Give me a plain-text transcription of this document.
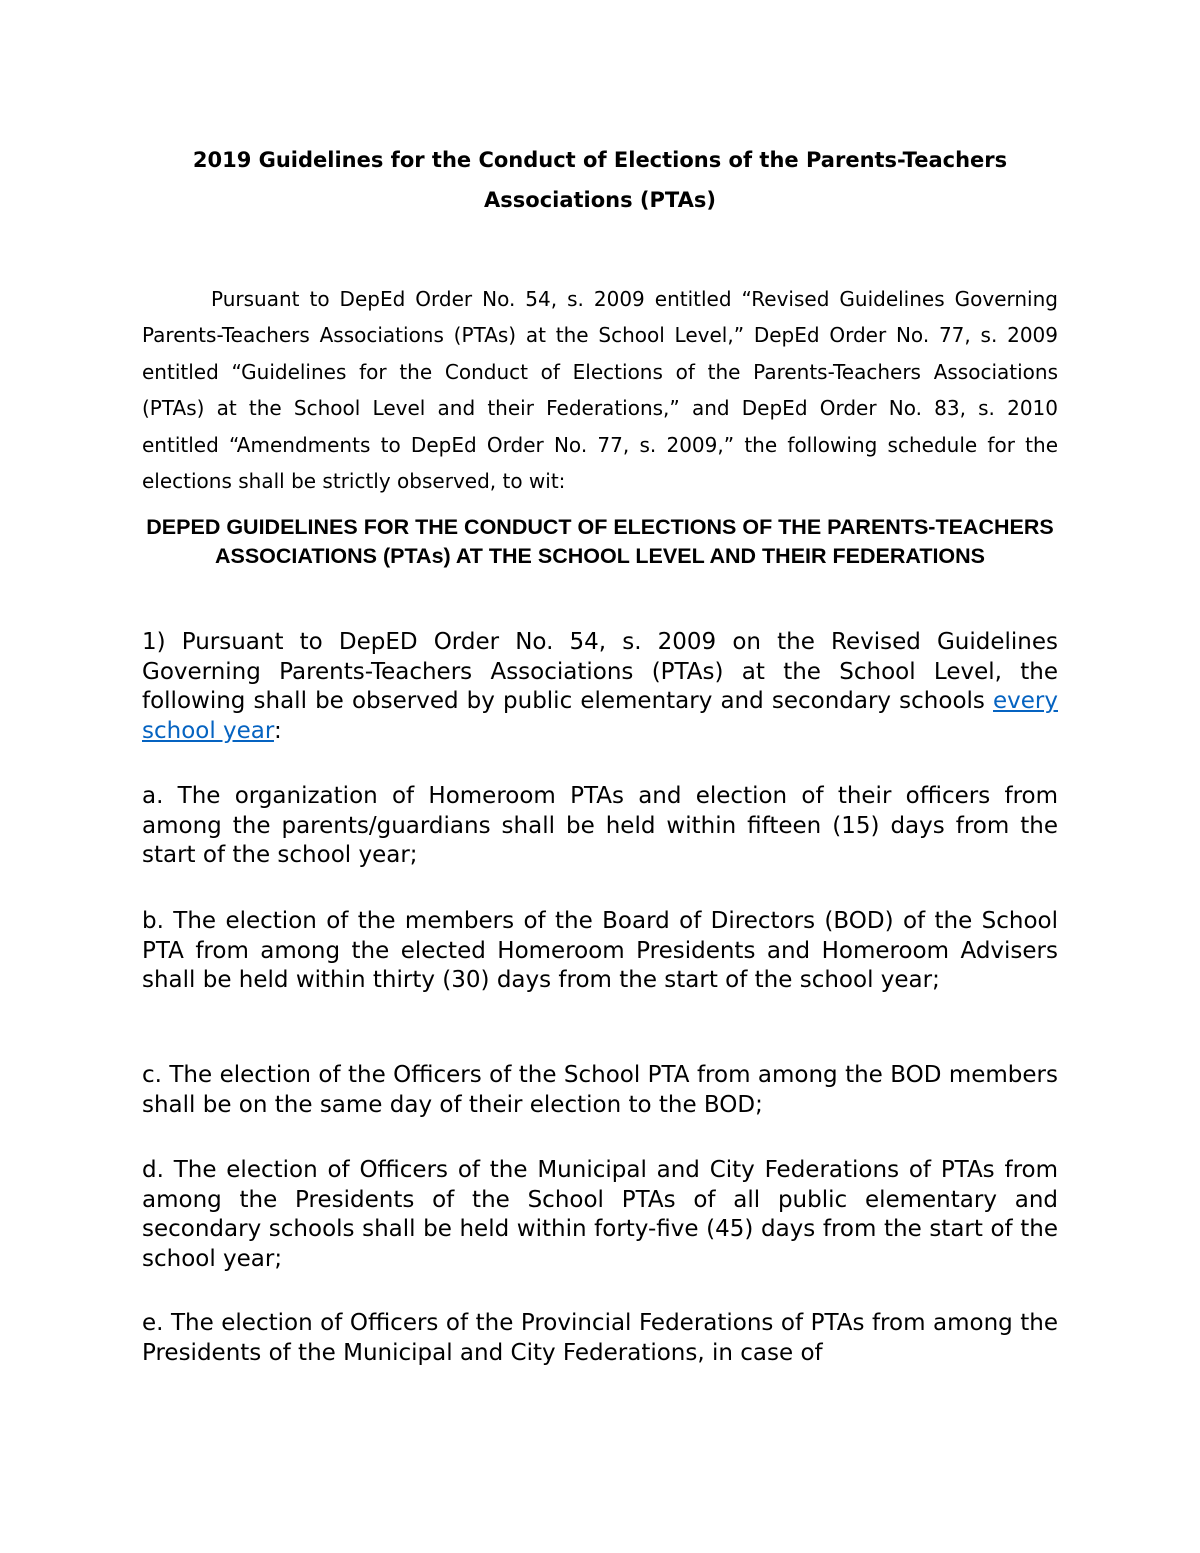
2019 Guidelines for the Conduct of Elections of the Parents-Teachers Associations (PTAs)

Pursuant to DepEd Order No. 54, s. 2009 entitled “Revised Guidelines Governing Parents-Teachers Associations (PTAs) at the School Level,” DepEd Order No. 77, s. 2009 entitled “Guidelines for the Conduct of Elections of the Parents-Teachers Associations (PTAs) at the School Level and their Federations,” and DepEd Order No. 83, s. 2010 entitled “Amendments to DepEd Order No. 77, s. 2009,” the following schedule for the elections shall be strictly observed, to wit:

DEPED GUIDELINES FOR THE CONDUCT OF ELECTIONS OF THE PARENTS-TEACHERS ASSOCIATIONS (PTAs) AT THE SCHOOL LEVEL AND THEIR FEDERATIONS

1) Pursuant to DepED Order No. 54, s. 2009 on the Revised Guidelines Governing Parents-Teachers Associations (PTAs) at the School Level, the following shall be observed by public elementary and secondary schools every school year:

a. The organization of Homeroom PTAs and election of their officers from among the parents/guardians shall be held within fifteen (15) days from the start of the school year;

b. The election of the members of the Board of Directors (BOD) of the School PTA from among the elected Homeroom Presidents and Homeroom Advisers shall be held within thirty (30) days from the start of the school year;

c. The election of the Officers of the School PTA from among the BOD members shall be on the same day of their election to the BOD;

d. The election of Officers of the Municipal and City Federations of PTAs from among the Presidents of the School PTAs of all public elementary and secondary schools shall be held within forty-five (45) days from the start of the school year;

e. The election of Officers of the Provincial Federations of PTAs from among the Presidents of the Municipal and City Federations, in case of
